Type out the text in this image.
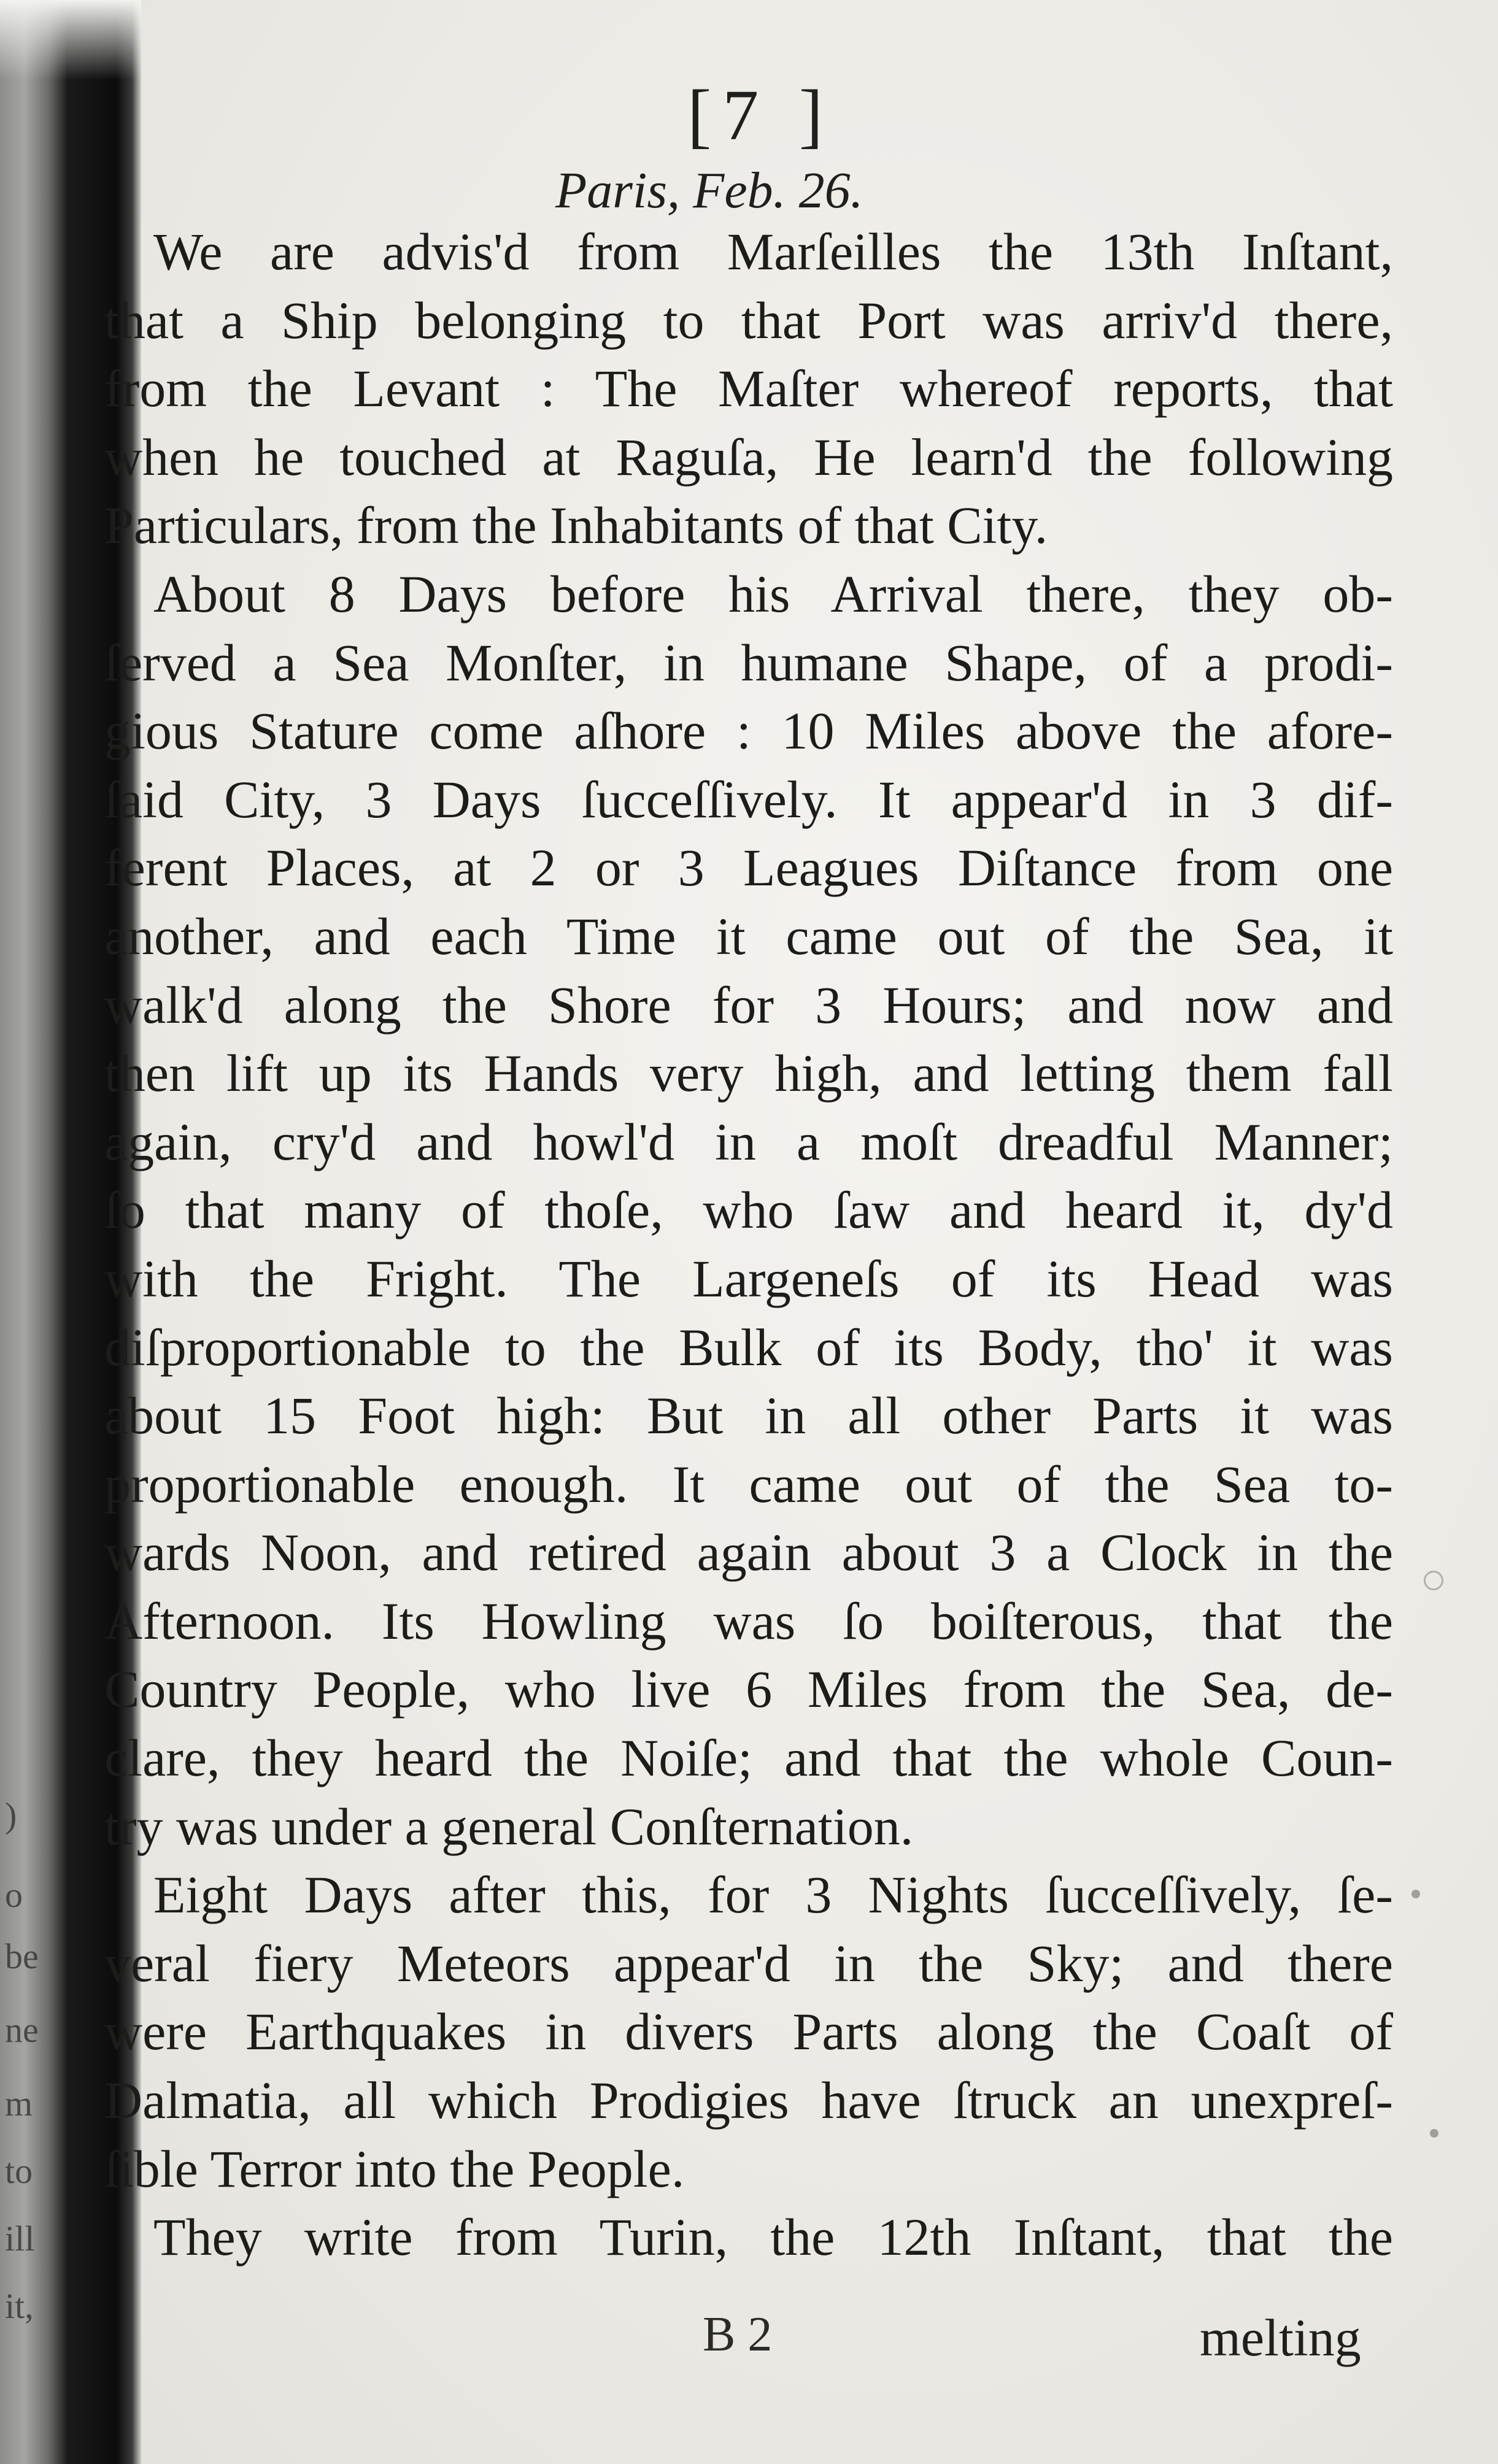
)
o
be
ne
m
to
ill
it,
[7 ]
Paris, Feb. 26.
We are advis'd from Marſeilles the 13th Inſtant,
that a Ship belonging to that Port was arriv'd there,
from the Levant : The Maſter whereof reports, that
when he touched at Raguſa, He learn'd the following
Particulars, from the Inhabitants of that City.
About 8 Days before his Arrival there, they ob-
ſerved a Sea Monſter, in humane Shape, of a prodi-
gious Stature come aſhore : 10 Miles above the afore-
ſaid City, 3 Days ſucceſſively. It appear'd in 3 dif-
ferent Places, at 2 or 3 Leagues Diſtance from one
another, and each Time it came out of the Sea, it
walk'd along the Shore for 3 Hours; and now and
then lift up its Hands very high, and letting them fall
again, cry'd and howl'd in a moſt dreadful Manner;
ſo that many of thoſe, who ſaw and heard it, dy'd
with the Fright. The Largeneſs of its Head was
diſproportionable to the Bulk of its Body, tho' it was
about 15 Foot high: But in all other Parts it was
proportionable enough. It came out of the Sea to-
wards Noon, and retired again about 3 a Clock in the
Afternoon. Its Howling was ſo boiſterous, that the
Country People, who live 6 Miles from the Sea, de-
clare, they heard the Noiſe; and that the whole Coun-
try was under a general Conſternation.
Eight Days after this, for 3 Nights ſucceſſively, ſe-
veral fiery Meteors appear'd in the Sky; and there
were Earthquakes in divers Parts along the Coaſt of
Dalmatia, all which Prodigies have ſtruck an unexpreſ-
ſible Terror into the People.
They write from Turin, the 12th Inſtant, that the
B 2	melting
